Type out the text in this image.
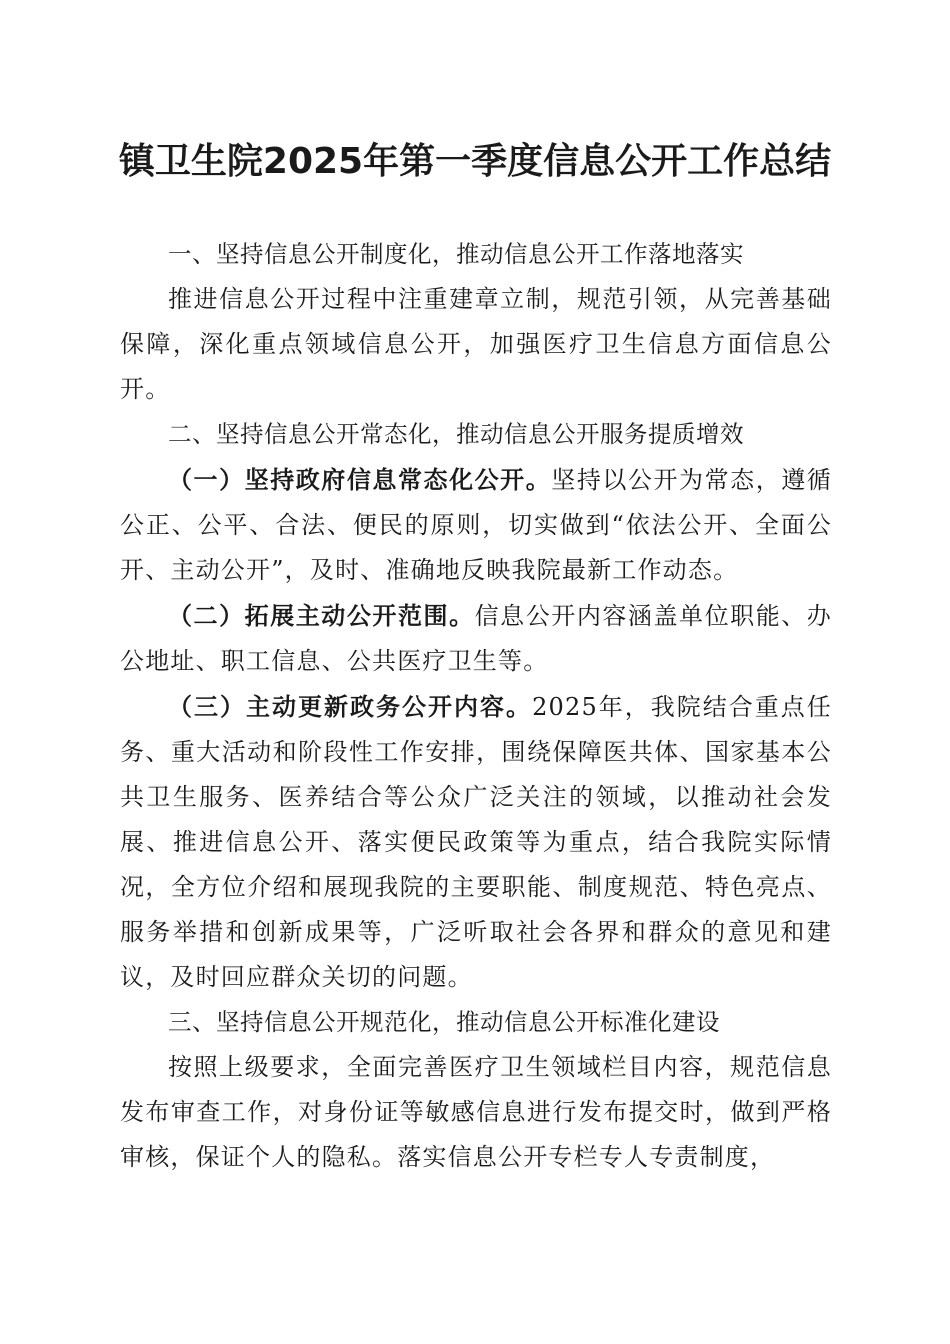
镇卫生院2025年第一季度信息公开工作总结

一、坚持信息公开制度化，推动信息公开工作落地落实

推进信息公开过程中注重建章立制，规范引领，从完善基础保障，深化重点领域信息公开，加强医疗卫生信息方面信息公开。

二、坚持信息公开常态化，推动信息公开服务提质增效

（一）坚持政府信息常态化公开。坚持以公开为常态，遵循公正、公平、合法、便民的原则，切实做到“依法公开、全面公开、主动公开”，及时、准确地反映我院最新工作动态。

（二）拓展主动公开范围。信息公开内容涵盖单位职能、办公地址、职工信息、公共医疗卫生等。

（三）主动更新政务公开内容。2025年，我院结合重点任务、重大活动和阶段性工作安排，围绕保障医共体、国家基本公共卫生服务、医养结合等公众广泛关注的领域，以推动社会发展、推进信息公开、落实便民政策等为重点，结合我院实际情况，全方位介绍和展现我院的主要职能、制度规范、特色亮点、服务举措和创新成果等，广泛听取社会各界和群众的意见和建议，及时回应群众关切的问题。

三、坚持信息公开规范化，推动信息公开标准化建设

按照上级要求，全面完善医疗卫生领域栏目内容，规范信息发布审查工作，对身份证等敏感信息进行发布提交时，做到严格审核，保证个人的隐私。落实信息公开专栏专人专责制度，
